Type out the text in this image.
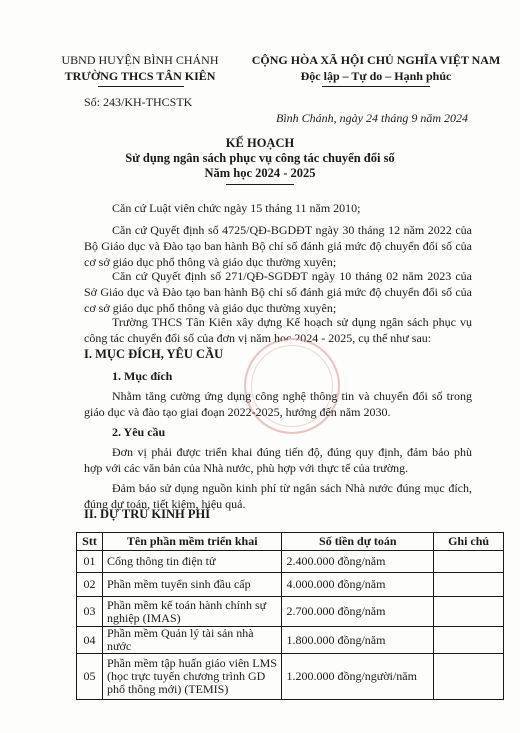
UBND HUYỆN BÌNH CHÁNH
TRƯỜNG THCS TÂN KIÊN
Số: 243/KH-THCSTK
CỘNG HÒA XÃ HỘI CHỦ NGHĨA VIỆT NAM
Độc lập – Tự do – Hạnh phúc
Bình Chánh, ngày 24 tháng 9 năm 2024
KẾ HOẠCH
Sử dụng ngân sách phục vụ công tác chuyển đổi số
Năm học 2024 - 2025
Căn cứ Luật viên chức ngày 15 tháng 11 năm 2010;
Căn cứ Quyết định số 4725/QĐ-BGDĐT ngày 30 tháng 12 năm 2022 của Bộ Giáo dục và Đào tạo ban hành Bộ chỉ số đánh giá mức độ chuyển đổi số của cơ sở giáo dục phổ thông và giáo dục thường xuyên;
Căn cứ Quyết định số 271/QĐ-SGDĐT ngày 10 tháng 02 năm 2023 của Sở Giáo dục và Đào tạo ban hành Bộ chỉ số đánh giá mức độ chuyển đổi số của cơ sở giáo dục phổ thông và giáo dục thường xuyên;
Trường THCS Tân Kiên xây dựng Kế hoạch sử dụng ngân sách phục vụ công tác chuyển đổi số của đơn vị năm học 2024 - 2025, cụ thể như sau:
I. MỤC ĐÍCH, YÊU CẦU
1. Mục đích
Nhằm tăng cường ứng dụng công nghệ thông tin và chuyển đổi số trong giáo dục và đào tạo giai đoạn 2022-2025, hướng đến năm 2030.
2. Yêu cầu
Đơn vị phải được triển khai đúng tiến độ, đúng quy định, đảm bảo phù hợp với các văn bản của Nhà nước, phù hợp với thực tế của trường.
Đảm bảo sử dụng nguồn kinh phí từ ngân sách Nhà nước đúng mục đích, đúng dự toán, tiết kiệm, hiệu quả.
II. DỰ TRÙ KINH PHÍ
Stt	Tên phần mềm triển khai	Số tiền dự toán	Ghi chú
01	Cổng thông tin điện tử	2.400.000 đồng/năm	
02	Phần mềm tuyển sinh đầu cấp	4.000.000 đồng/năm	
03	Phần mềm kế toán hành chính sự nghiệp (IMAS)	2.700.000 đồng/năm	
04	Phần mềm Quản lý tài sản nhà nước	1.800.000 đồng/năm	
05	Phần mềm tập huấn giáo viên LMS (học trực tuyến chương trình GD phổ thông mới) (TEMIS)	1.200.000 đồng/người/năm	
